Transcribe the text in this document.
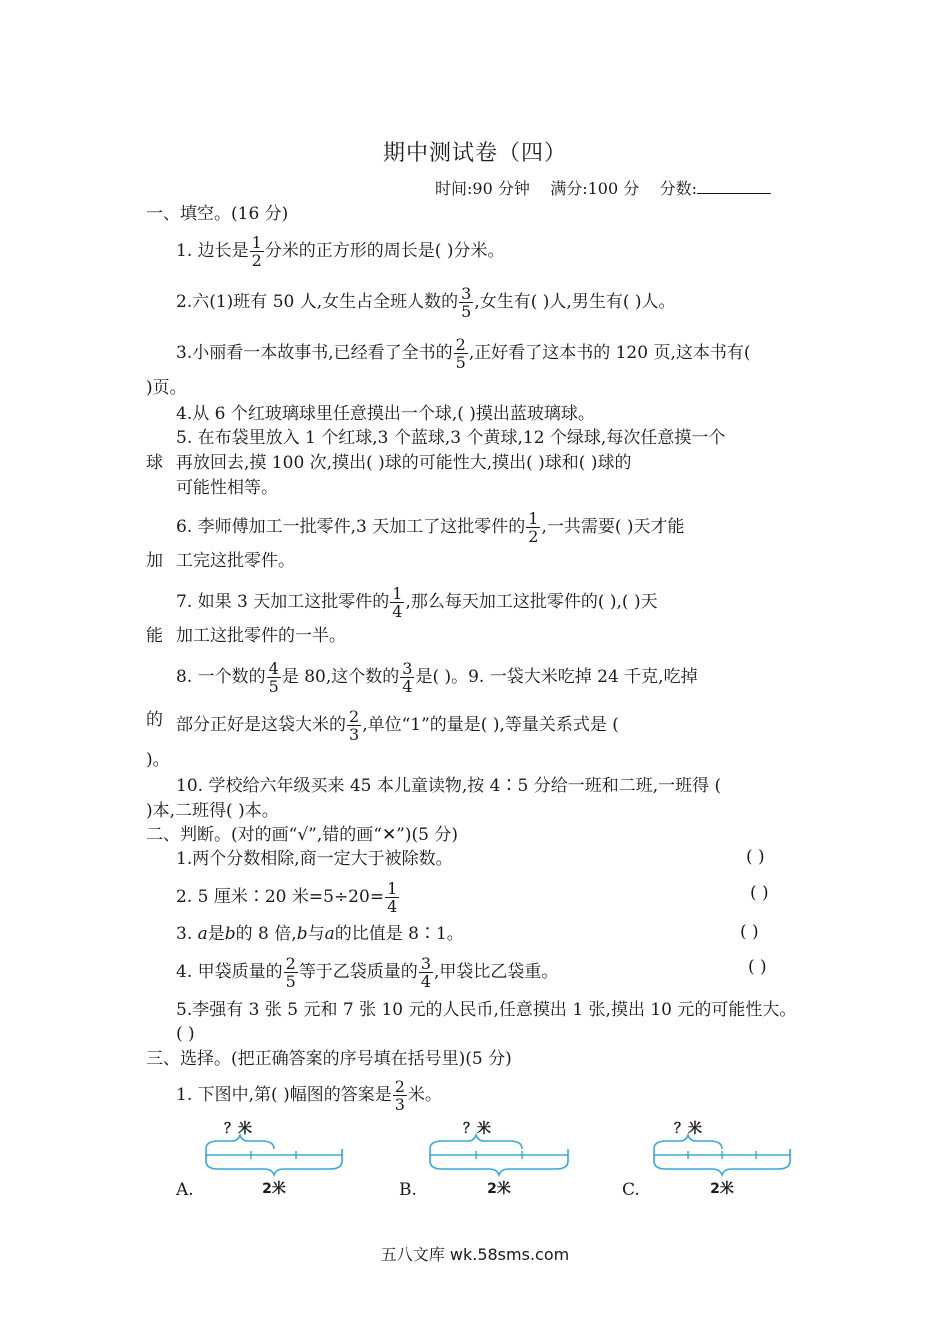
期中测试卷（四）
时间:90 分钟 满分:100 分 分数:
一、填空。(16 分)
1. 边长是 $\frac{1}{2}$ 分米的正方形的周长是( )分米。
2.六(1)班有 50 人,女生占全班人数的 $\frac{3}{5}$ ,女生有( )人,男生有( )人。
3.小丽看一本故事书,已经看了全书的 $\frac{2}{5}$ ,正好看了这本书的 120 页,这本书有(
)页。
4.从 6 个红玻璃球里任意摸出一个球,( )摸出蓝玻璃球。
5. 在布袋里放入 1 个红球,3 个蓝球,3 个黄球,12 个绿球,每次任意摸一个
球 再放回去,摸 100 次,摸出( )球的可能性大,摸出( )球和( )球的
可能性相等。
6. 李师傅加工一批零件,3 天加工了这批零件的 $\frac{1}{2}$ ,一共需要( )天才能
加 工完这批零件。
7. 如果 3 天加工这批零件的 $\frac{1}{4}$ ,那么每天加工这批零件的( ),( )天
能 加工这批零件的一半。
8. 一个数的 $\frac{4}{5}$ 是 80,这个数的 $\frac{3}{4}$ 是( )。9. 一袋大米吃掉 24 千克,吃掉
的 部分正好是这袋大米的 $\frac{2}{3}$ ,单位“1”的量是( ),等量关系式是 (
)。
10. 学校给六年级买来 45 本儿童读物,按 4∶5 分给一班和二班,一班得 (
)本,二班得( )本。
二、判断。(对的画“√”,错的画“✕”)(5 分)
1.两个分数相除,商一定大于被除数。	( )
2. 5 厘米∶20 米$=5\div 20= \frac{1}{4}$	( )
3. a是b的 8 倍,b与a的比值是 8∶1。	( )
4. 甲袋质量的 $\frac{2}{5}$ 等于乙袋质量的 $\frac{3}{4}$ ,甲袋比乙袋重。	( )
5.李强有 3 张 5 元和 7 张 10 元的人民币,任意摸出 1 张,摸出 10 元的可能性大。
( )
三、选择。(把正确答案的序号填在括号里)(5 分)
1. 下图中,第( )幅图的答案是 $\frac{2}{3}$ 米。
A.
？米
2米	B.
？米
2米	C.
？米
2米
五八文库 wk.58sms.com
